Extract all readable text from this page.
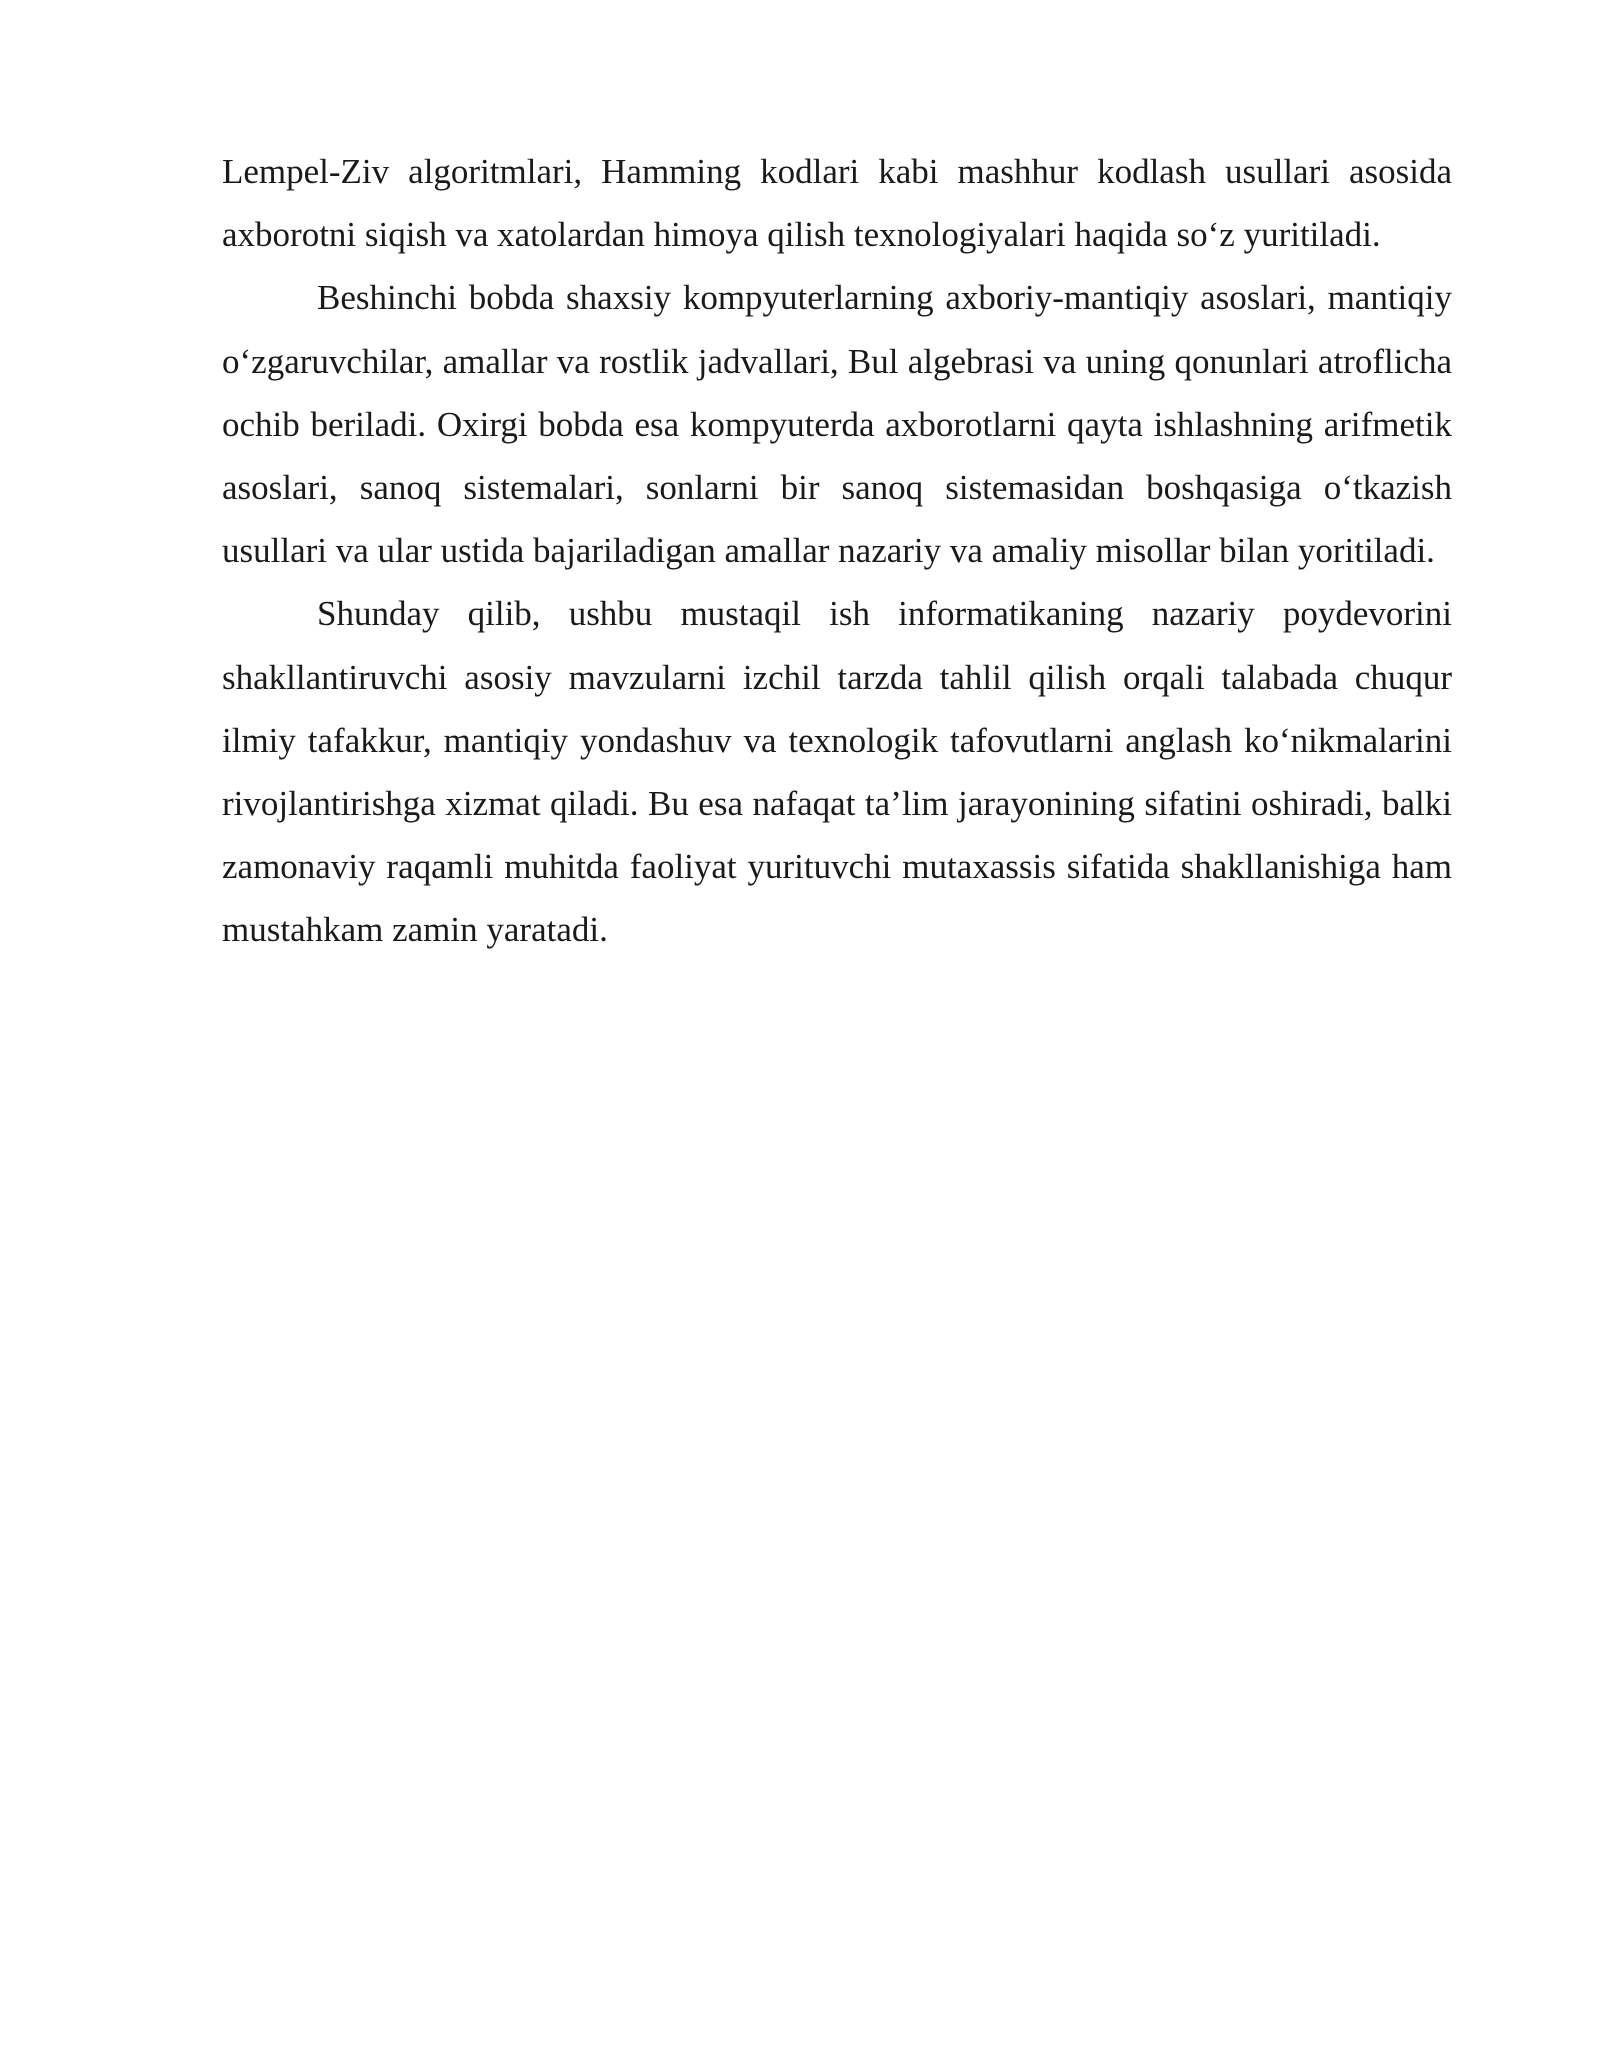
Lempel-Ziv algoritmlari, Hamming kodlari kabi mashhur kodlash usullari asosida axborotni siqish va xatolardan himoya qilish texnologiyalari haqida so‘z yuritiladi.

Beshinchi bobda shaxsiy kompyuterlarning axboriy-mantiqiy asoslari, mantiqiy o‘zgaruvchilar, amallar va rostlik jadvallari, Bul algebrasi va uning qonunlari atroflicha ochib beriladi. Oxirgi bobda esa kompyuterda axborotlarni qayta ishlashning arifmetik asoslari, sanoq sistemalari, sonlarni bir sanoq sistemasidan boshqasiga o‘tkazish usullari va ular ustida bajariladigan amallar nazariy va amaliy misollar bilan yoritiladi.

Shunday qilib, ushbu mustaqil ish informatikaning nazariy poydevorini shakllantiruvchi asosiy mavzularni izchil tarzda tahlil qilish orqali talabada chuqur ilmiy tafakkur, mantiqiy yondashuv va texnologik tafovutlarni anglash ko‘nikmalarini rivojlantirishga xizmat qiladi. Bu esa nafaqat ta’lim jarayonining sifatini oshiradi, balki zamonaviy raqamli muhitda faoliyat yurituvchi mutaxassis sifatida shakllanishiga ham mustahkam zamin yaratadi.
